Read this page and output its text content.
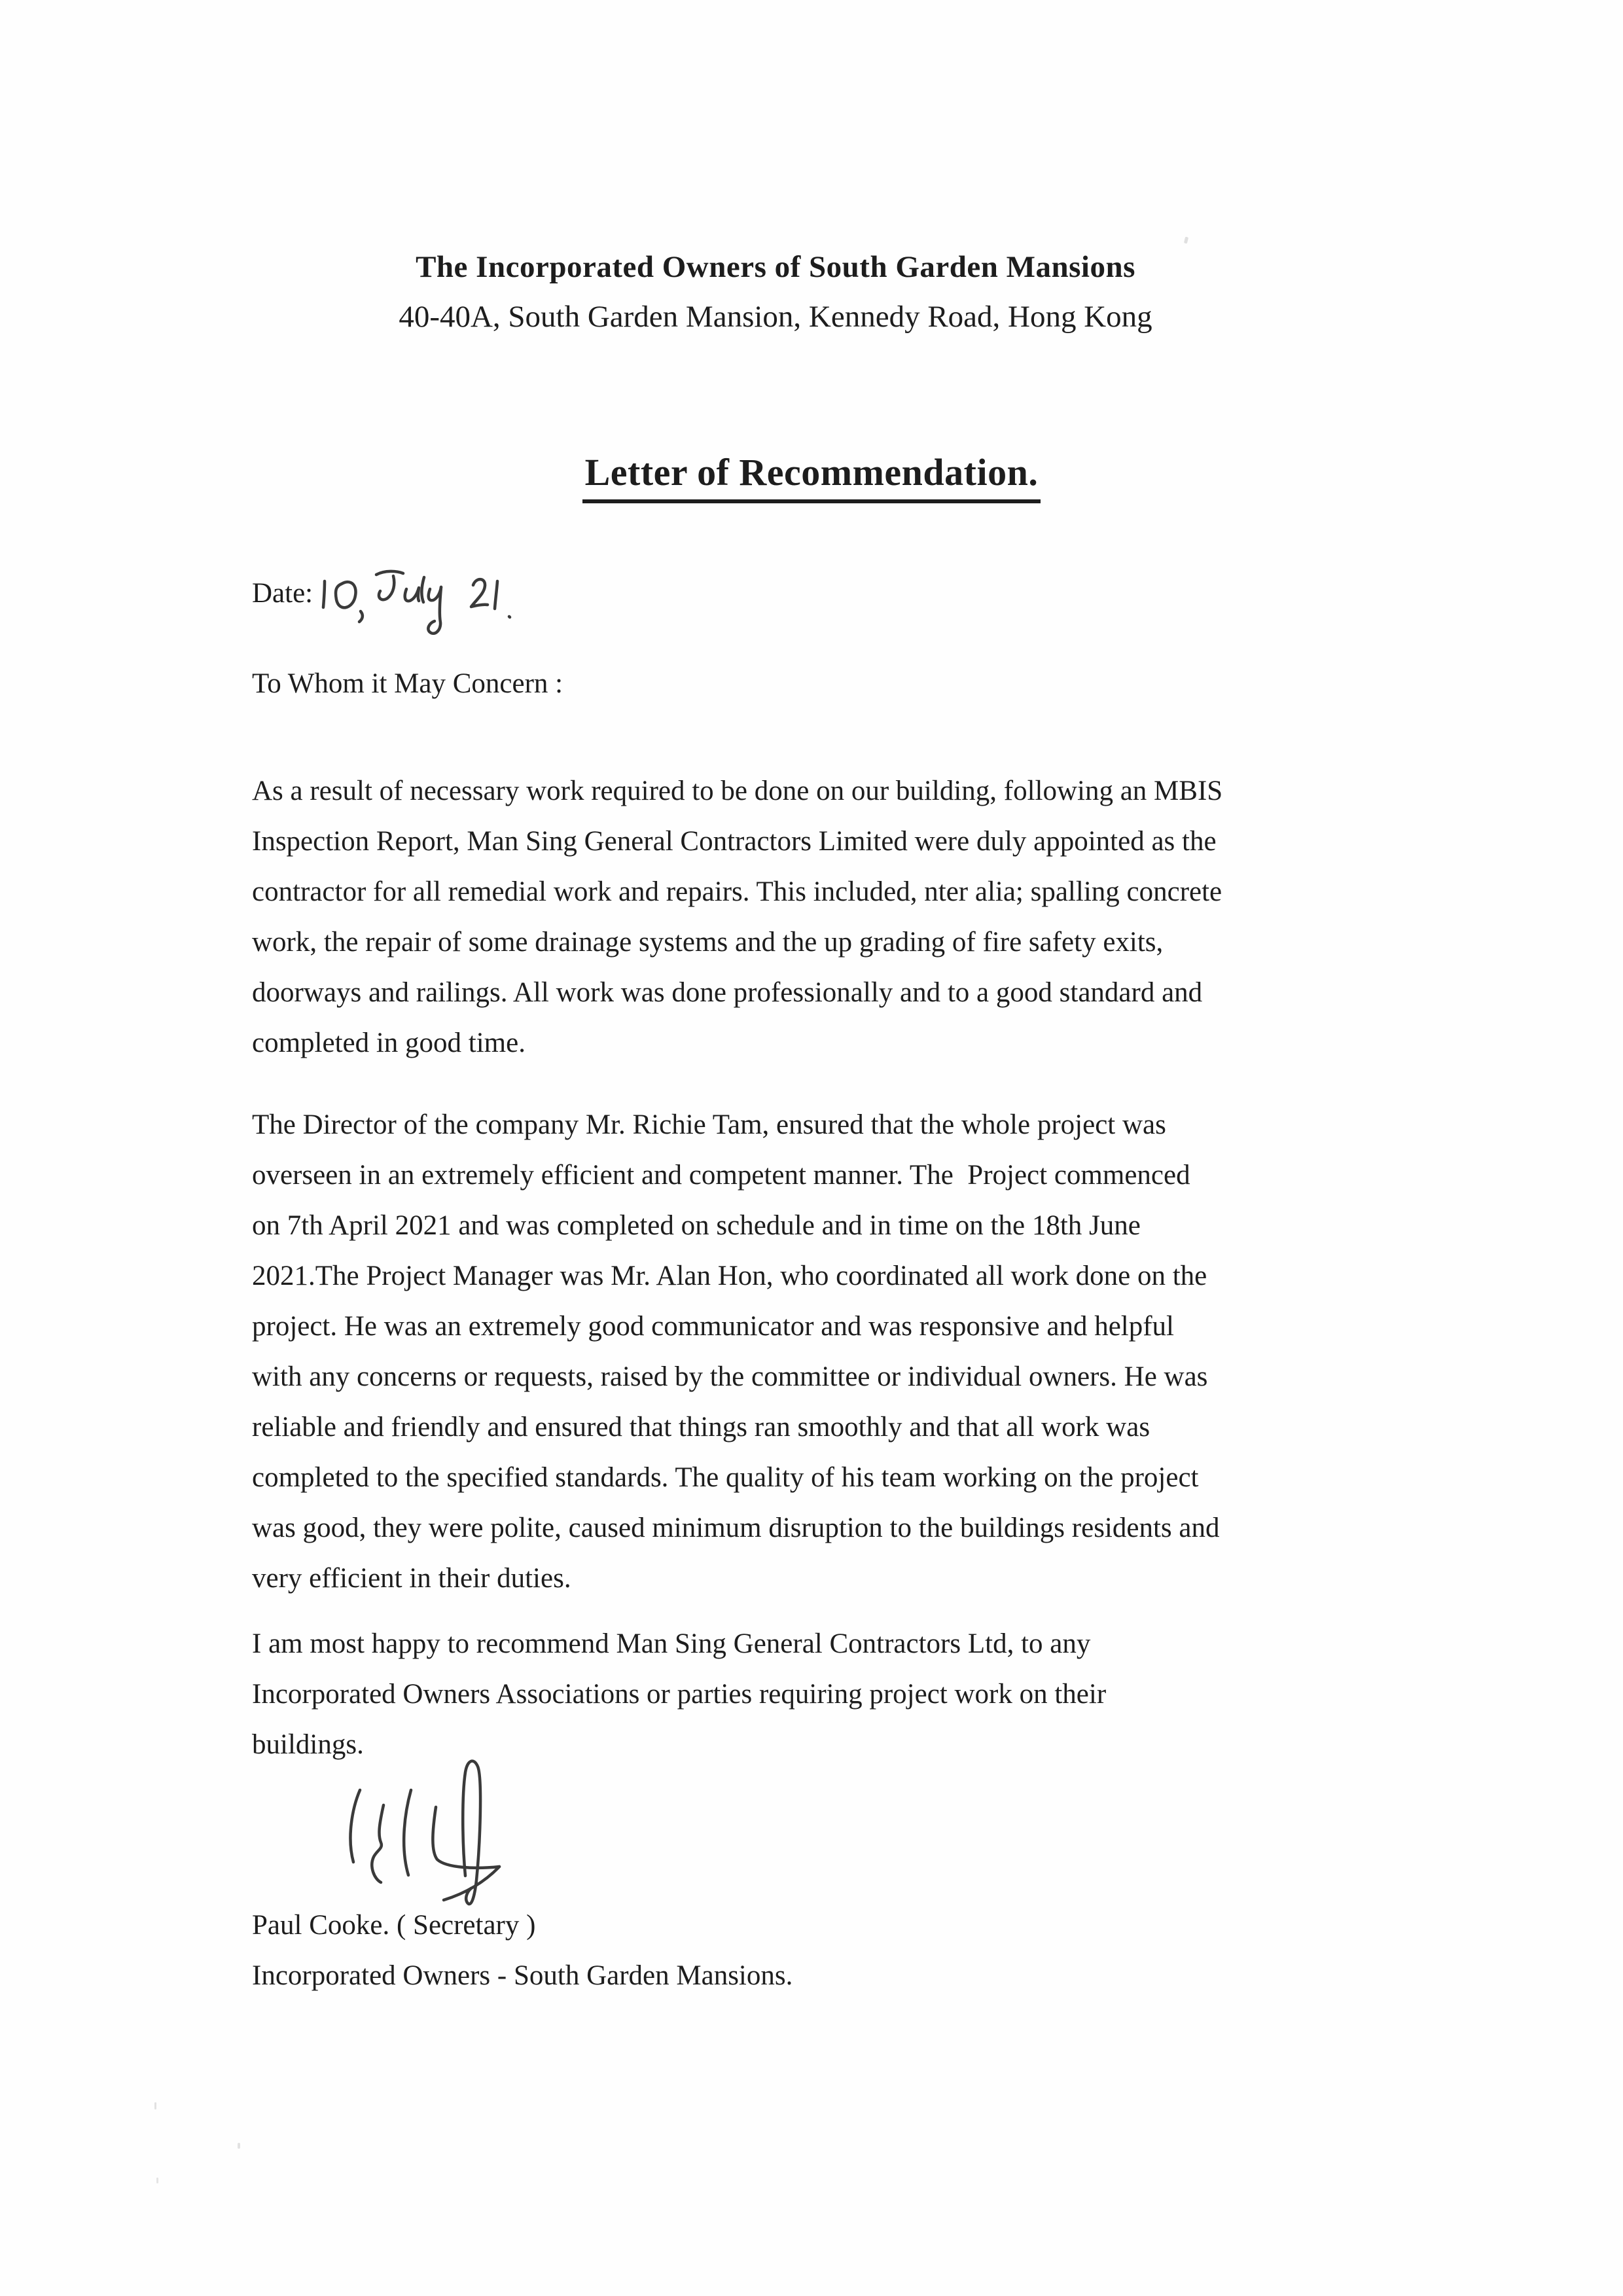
The Incorporated Owners of South Garden Mansions
40-40A, South Garden Mansion, Kennedy Road, Hong Kong
Letter of Recommendation.
Date:
To Whom it May Concern :
As a result of necessary work required to be done on our building, following an MBIS
Inspection Report, Man Sing General Contractors Limited were duly appointed as the
contractor for all remedial work and repairs. This included, nter alia; spalling concrete
work, the repair of some drainage systems and the up grading of fire safety exits,
doorways and railings. All work was done professionally and to a good standard and
completed in good time.
The Director of the company Mr. Richie Tam, ensured that the whole project was
overseen in an extremely efficient and competent manner. The  Project commenced
on 7th April 2021 and was completed on schedule and in time on the 18th June
2021.The Project Manager was Mr. Alan Hon, who coordinated all work done on the
project. He was an extremely good communicator and was responsive and helpful
with any concerns or requests, raised by the committee or individual owners. He was
reliable and friendly and ensured that things ran smoothly and that all work was
completed to the specified standards. The quality of his team working on the project
was good, they were polite, caused minimum disruption to the buildings residents and
very efficient in their duties.
I am most happy to recommend Man Sing General Contractors Ltd, to any
Incorporated Owners Associations or parties requiring project work on their
buildings.
Paul Cooke. ( Secretary )
Incorporated Owners - South Garden Mansions.
